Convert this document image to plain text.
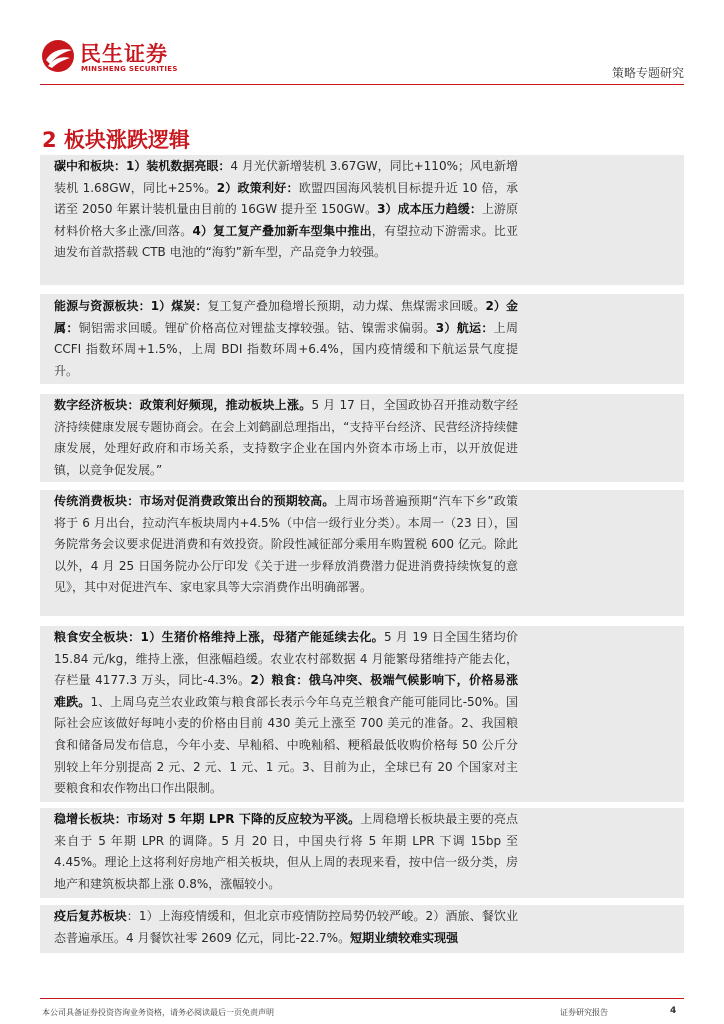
民生证券
MINSHENG SECURITIES	策略专题研究
2 板块涨跌逻辑

碳中和板块：1）装机数据亮眼：4 月光伏新增装机 3.67GW，同比+110%；风电新增装机 1.68GW，同比+25%。2）政策利好：欧盟四国海风装机目标提升近 10 倍，承诺至 2050 年累计装机量由目前的 16GW 提升至 150GW。3）成本压力趋缓：上游原材料价格大多止涨/回落。4）复工复产叠加新车型集中推出，有望拉动下游需求。比亚迪发布首款搭载 CTB 电池的“海豹”新车型，产品竞争力较强。

能源与资源板块：1）煤炭：复工复产叠加稳增长预期，动力煤、焦煤需求回暖。2）金属：铜铝需求回暖。锂矿价格高位对锂盐支撑较强。钴、镍需求偏弱。3）航运：上周 CCFI 指数环周+1.5%，上周 BDI 指数环周+6.4%，国内疫情缓和下航运景气度提升。

数字经济板块：政策利好频现，推动板块上涨。5 月 17 日，全国政协召开推动数字经济持续健康发展专题协商会。在会上刘鹤副总理指出，“支持平台经济、民营经济持续健康发展，处理好政府和市场关系，支持数字企业在国内外资本市场上市，以开放促进镇，以竞争促发展。”

传统消费板块：市场对促消费政策出台的预期较高。上周市场普遍预期“汽车下乡”政策将于 6 月出台，拉动汽车板块周内+4.5%（中信一级行业分类）。本周一（23 日），国务院常务会议要求促进消费和有效投资。阶段性减征部分乘用车购置税 600 亿元。除此以外，4 月 25 日国务院办公厅印发《关于进一步释放消费潜力促进消费持续恢复的意见》，其中对促进汽车、家电家具等大宗消费作出明确部署。

粮食安全板块：1）生猪价格维持上涨，母猪产能延续去化。5 月 19 日全国生猪均价 15.84 元/kg，维持上涨，但涨幅趋缓。农业农村部数据 4 月能繁母猪维持产能去化，存栏量 4177.3 万头，同比-4.3%。2）粮食：俄乌冲突、极端气候影响下，价格易涨难跌。1、上周乌克兰农业政策与粮食部长表示今年乌克兰粮食产能可能同比-50%。国际社会应该做好每吨小麦的价格由目前 430 美元上涨至 700 美元的准备。2、我国粮食和储备局发布信息，今年小麦、早籼稻、中晚籼稻、粳稻最低收购价格每 50 公斤分别较上年分别提高 2 元、2 元、1 元、1 元。3、目前为止，全球已有 20 个国家对主要粮食和农作物出口作出限制。

稳增长板块：市场对 5 年期 LPR 下降的反应较为平淡。上周稳增长板块最主要的亮点来自于 5 年期 LPR 的调降。5 月 20 日，中国央行将 5 年期 LPR 下调 15bp 至 4.45%。理论上这将利好房地产相关板块，但从上周的表现来看，按中信一级分类，房地产和建筑板块都上涨 0.8%，涨幅较小。

疫后复苏板块：1）上海疫情缓和，但北京市疫情防控局势仍较严峻。2）酒旅、餐饮业态普遍承压。4 月餐饮社零 2609 亿元，同比-22.7%。短期业绩较难实现强

本公司具备证券投资咨询业务资格，请务必阅读最后一页免责声明	证券研究报告	4
